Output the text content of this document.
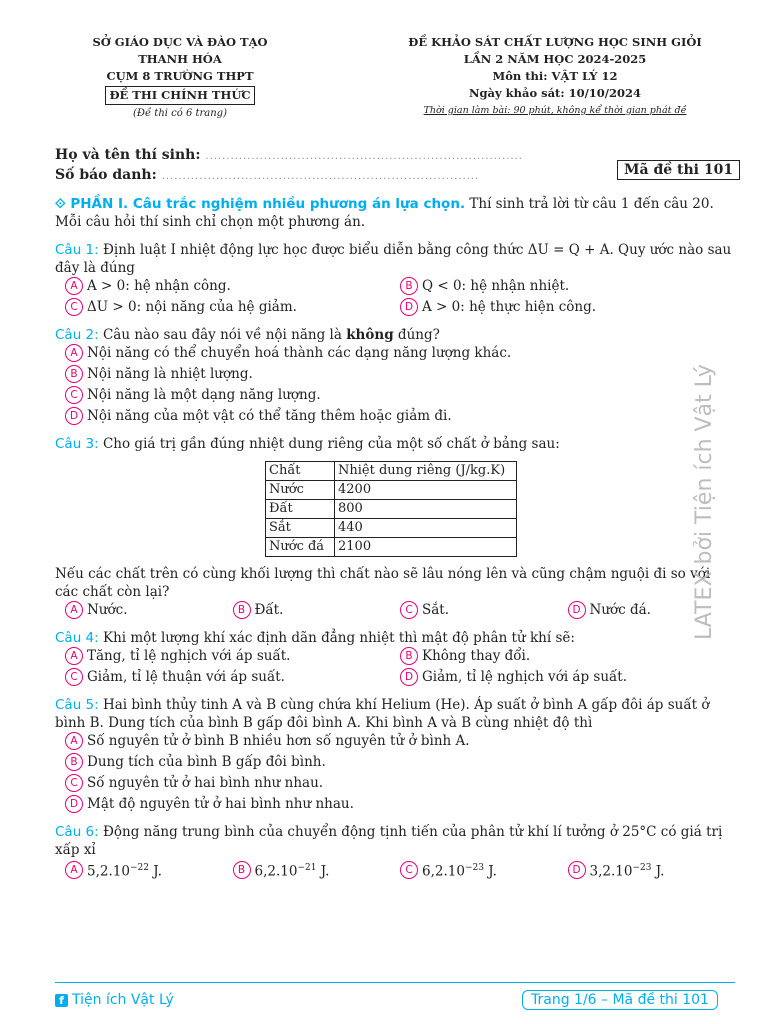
SỞ GIÁO DỤC VÀ ĐÀO TẠO
THANH HÓA
CỤM 8 TRƯỜNG THPT
ĐỀ THI CHÍNH THỨC
(Đề thi có 6 trang)
ĐỀ KHẢO SÁT CHẤT LƯỢNG HỌC SINH GIỎI
LẦN 2 NĂM HỌC 2024-2025
Môn thi: VẬT LÝ 12
Ngày khảo sát: 10/10/2024
Thời gian làm bài: 90 phút, không kể thời gian phát đề
Họ và tên thí sinh: ............................................................................
Số báo danh: ............................................................................	Mã đề thi 101

⟐ PHẦN I. Câu trắc nghiệm nhiều phương án lựa chọn. Thí sinh trả lời từ câu 1 đến câu 20. Mỗi câu hỏi thí sinh chỉ chọn một phương án.

Câu 1: Định luật I nhiệt động lực học được biểu diễn bằng công thức ΔU = Q + A. Quy ước nào sau đây là đúng

A A > 0: hệ nhận công.	B Q < 0: hệ nhận nhiệt.
C ΔU > 0: nội năng của hệ giảm.	D A > 0: hệ thực hiện công.

Câu 2: Câu nào sau đây nói về nội năng là không đúng?

A Nội năng có thể chuyển hoá thành các dạng năng lượng khác.
B Nội năng là nhiệt lượng.
C Nội năng là một dạng năng lượng.
D Nội năng của một vật có thể tăng thêm hoặc giảm đi.

Câu 3: Cho giá trị gần đúng nhiệt dung riêng của một số chất ở bảng sau:

Chất	Nhiệt dung riêng (J/kg.K)
Nước	4200
Đất	800
Sắt	440
Nước đá	2100

Nếu các chất trên có cùng khối lượng thì chất nào sẽ lâu nóng lên và cũng chậm nguội đi so với các chất còn lại?

A Nước.	B Đất.	C Sắt.	D Nước đá.

Câu 4: Khi một lượng khí xác định dãn đẳng nhiệt thì mật độ phân tử khí sẽ:

A Tăng, tỉ lệ nghịch với áp suất.	B Không thay đổi.
C Giảm, tỉ lệ thuận với áp suất.	D Giảm, tỉ lệ nghịch với áp suất.

Câu 5: Hai bình thủy tinh A và B cùng chứa khí Helium (He). Áp suất ở bình A gấp đôi áp suất ở bình B. Dung tích của bình B gấp đôi bình A. Khi bình A và B cùng nhiệt độ thì

A Số nguyên tử ở bình B nhiều hơn số nguyên tử ở bình A.
B Dung tích của bình B gấp đôi bình.
C Số nguyên tử ở hai bình như nhau.
D Mật độ nguyên tử ở hai bình như nhau.

Câu 6: Động năng trung bình của chuyển động tịnh tiến của phân tử khí lí tưởng ở 25°C có giá trị xấp xỉ

A $5,2.10^{-22}$ J.	B $6,2.10^{-21}$ J.	C $6,2.10^{-23}$ J.	D $3,2.10^{-23}$ J.
LATEX bởi Tiện ích Vật Lý
f Tiện ích Vật Lý	Trang 1/6 – Mã đề thi 101
